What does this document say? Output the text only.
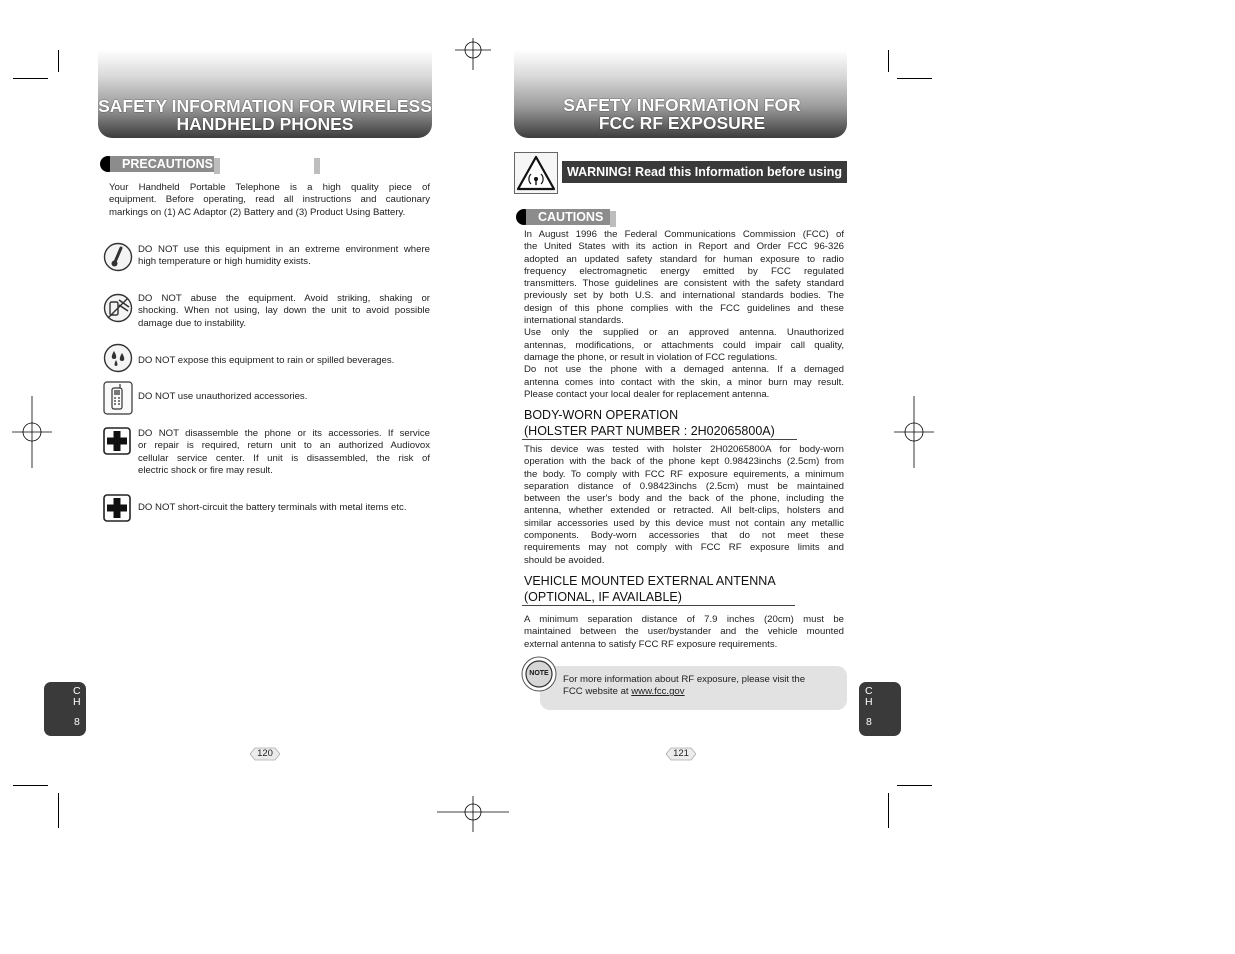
SAFETY INFORMATION FOR WIRELESS
HANDHELD PHONES
PRECAUTIONS
Your Handheld Portable Telephone is a high quality piece of
equipment. Before operating, read all instructions and cautionary
markings on (1) AC Adaptor (2) Battery and (3) Product Using Battery.
DO NOT use this equipment in an extreme environment where
high temperature or high humidity exists.
DO NOT abuse the equipment. Avoid striking, shaking or
shocking. When not using, lay down the unit to avoid possible
damage due to instability.
DO NOT expose this equipment to rain or spilled beverages.
DO NOT use unauthorized accessories.
DO NOT disassemble the phone or its accessories. If service
or repair is required, return unit to an authorized Audiovox
cellular service center. If unit is disassembled, the risk of
electric shock or fire may result.
DO NOT short-circuit the battery terminals with metal items etc.
C
H
8
120
SAFETY INFORMATION FOR
FCC RF EXPOSURE
WARNING! Read this Information before using
CAUTIONS
In August 1996 the Federal Communications Commission (FCC) of
the United States with its action in Report and Order FCC 96-326
adopted an updated safety standard for human exposure to radio
frequency electromagnetic energy emitted by FCC regulated
transmitters. Those guidelines are consistent with the safety standard
previously set by both U.S. and international standards bodies. The
design of this phone complies with the FCC guidelines and these
international standards.
Use only the supplied or an approved antenna. Unauthorized
antennas, modifications, or attachments could impair call quality,
damage the phone, or result in violation of FCC regulations.
Do not use the phone with a demaged antenna. If a demaged
antenna comes into contact with the skin, a minor burn may result.
Please contact your local dealer for replacement antenna.
BODY-WORN OPERATION
(HOLSTER PART NUMBER : 2H02065800A)
This device was tested with holster 2H02065800A for body-worn
operation with the back of the phone kept 0.98423inchs (2.5cm) from
the body. To comply with FCC RF exposure equirements, a minimum
separation distance of 0.98423inchs (2.5cm) must be maintained
between the user's body and the back of the phone, including the
antenna, whether extended or retracted. All belt-clips, holsters and
similar accessories used by this device must not contain any metallic
components. Body-worn accessories that do not meet these
requirements may not comply with FCC RF exposure limits and
should be avoided.
VEHICLE MOUNTED EXTERNAL ANTENNA
(OPTIONAL, IF AVAILABLE)
A minimum separation distance of 7.9 inches (20cm) must be
maintained between the user/bystander and the vehicle mounted
external antenna to satisfy FCC RF exposure requirements.
NOTE
For more information about RF exposure, please visit the
FCC website at www.fcc.gov	C
H
8
121
